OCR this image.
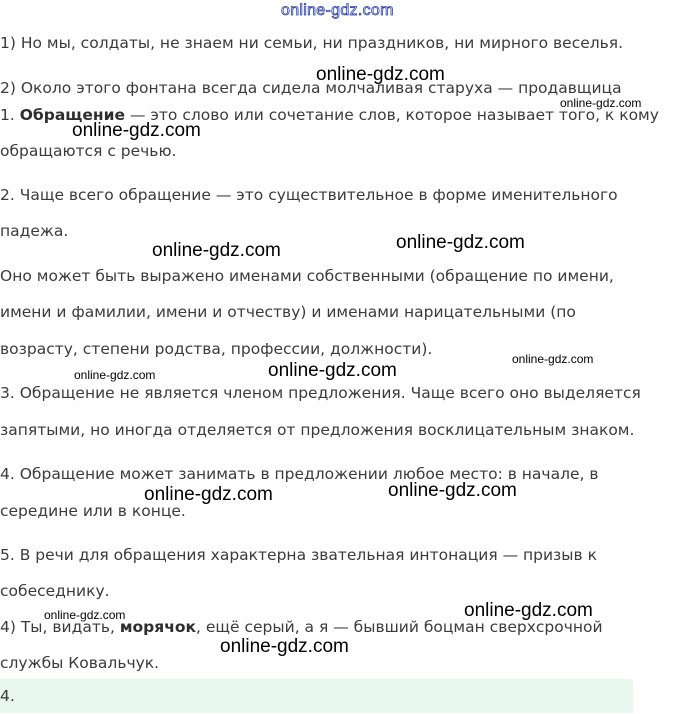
online-gdz.com
1) Но мы, солдаты, не знаем ни семьи, ни праздников, ни мирного веселья.
2) Около этого фонтана всегда сидела молчаливая старуха — продавщица
1. Обращение — это слово или сочетание слов, которое называет того, к кому
обращаются с речью.
2. Чаще всего обращение — это существительное в форме именительного
падежа.
Оно может быть выражено именами собственными (обращение по имени,
имени и фамилии, имени и отчеству) и именами нарицательными (по
возрасту, степени родства, профессии, должности).
3. Обращение не является членом предложения. Чаще всего оно выделяется
запятыми, но иногда отделяется от предложения восклицательным знаком.
4. Обращение может занимать в предложении любое место: в начале, в
середине или в конце.
5. В речи для обращения характерна звательная интонация — призыв к
собеседнику.
4) Ты, видать, морячок, ещё серый, а я — бывший боцман сверхсрочной
службы Ковальчук.
4.
online-gdz.com
online-gdz.com
online-gdz.com
online-gdz.com	online-gdz.com
online-gdz.com
online-gdz.com	online-gdz.com
online-gdz.com	online-gdz.com
online-gdz.com
online-gdz.com
online-gdz.com
